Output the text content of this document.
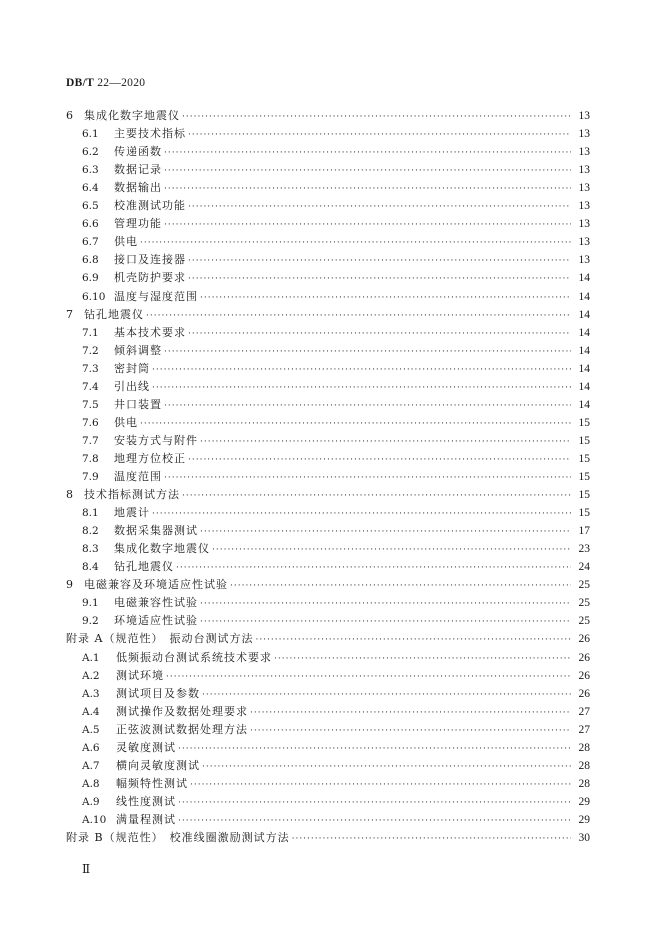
DB/T 22—2020
6	集成化数字地震仪 ·····	13
6.1	主要技术指标 ·····	13
6.2	传递函数 ·····	13
6.3	数据记录 ·····	13
6.4	数据输出 ·····	13
6.5	校准测试功能 ·····	13
6.6	管理功能 ·····	13
6.7	供电 ·····	13
6.8	接口及连接器 ·····	13
6.9	机壳防护要求 ·····	14
6.10 温度与湿度范围 ·····	14
7	钻孔地震仪 ·····	14
7.1	基本技术要求 ·····	14
7.2	倾斜调整 ·····	14
7.3	密封筒 ·····	14
7.4	引出线 ·····	14
7.5	井口装置 ·····	14
7.6	供电 ·····	15
7.7	安装方式与附件 ·····	15
7.8	地理方位校正 ·····	15
7.9	温度范围 ·····	15
8	技术指标测试方法 ·····	15
8.1	地震计 ·····	15
8.2	数据采集器测试 ·····	17
8.3	集成化数字地震仪 ·····	23
8.4	钻孔地震仪 ·····	24
9	电磁兼容及环境适应性试验 ·····	25
9.1	电磁兼容性试验 ·····	25
9.2	环境适应性试验 ·····	25
附录 A（规范性） 振动台测试方法 ·····	26
A.1	低频振动台测试系统技术要求 ·····	26
A.2	测试环境 ·····	26
A.3	测试项目及参数 ·····	26
A.4	测试操作及数据处理要求 ·····	27
A.5	正弦波测试数据处理方法 ·····	27
A.6	灵敏度测试 ·····	28
A.7	横向灵敏度测试 ·····	28
A.8	幅频特性测试 ·····	28
A.9	线性度测试 ·····	29
A.10 满量程测试 ·····	29
附录 B（规范性） 校准线圈激励测试方法 ·····	30
Ⅱ
